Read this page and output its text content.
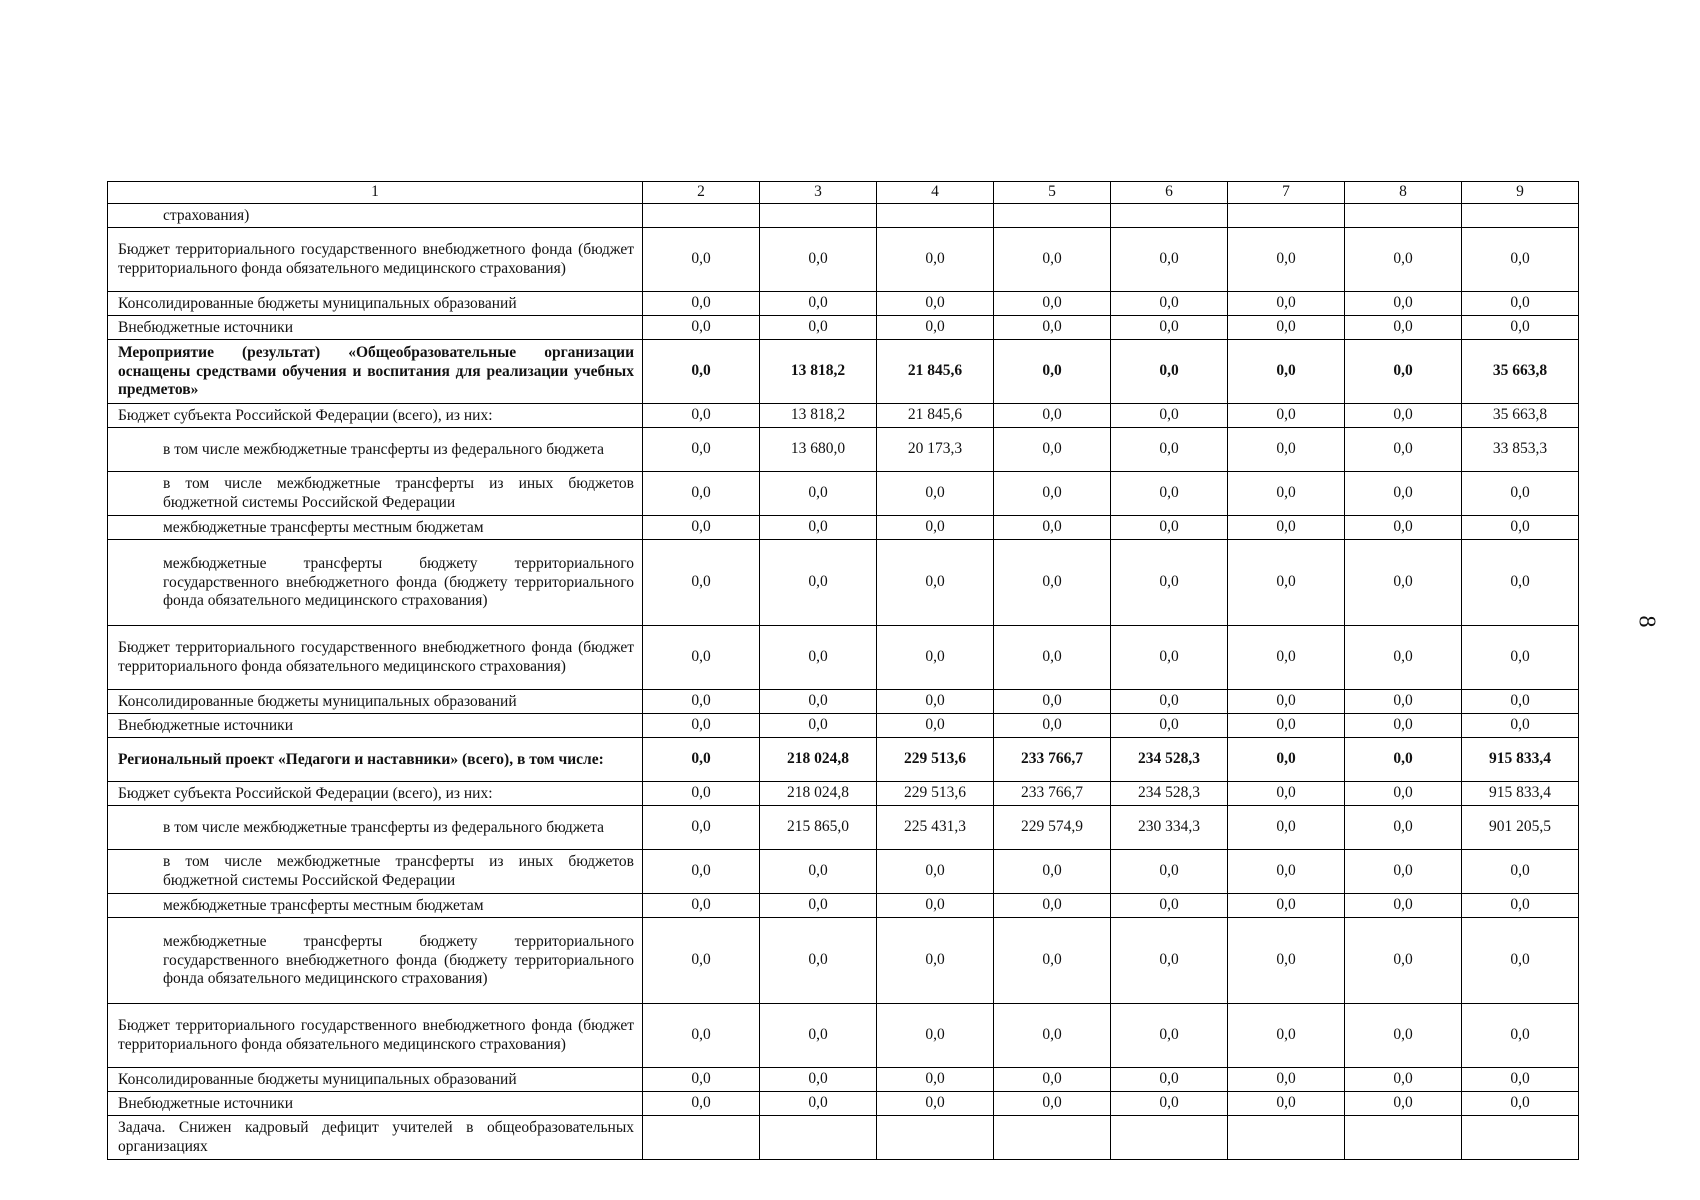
1	2	3	4	5	6	7	8	9
страхования)								
Бюджет территориального государственного внебюджетного фонда (бюджет территориального фонда обязательного медицинского страхования)	0,0	0,0	0,0	0,0	0,0	0,0	0,0	0,0
Консолидированные бюджеты муниципальных образований	0,0	0,0	0,0	0,0	0,0	0,0	0,0	0,0
Внебюджетные источники	0,0	0,0	0,0	0,0	0,0	0,0	0,0	0,0
Мероприятие (результат) «Общеобразовательные организации оснащены средствами обучения и воспитания для реализации учебных предметов»	0,0	13 818,2	21 845,6	0,0	0,0	0,0	0,0	35 663,8
Бюджет субъекта Российской Федерации (всего), из них:	0,0	13 818,2	21 845,6	0,0	0,0	0,0	0,0	35 663,8
в том числе межбюджетные трансферты из федерального бюджета	0,0	13 680,0	20 173,3	0,0	0,0	0,0	0,0	33 853,3
в том числе межбюджетные трансферты из иных бюджетов бюджетной системы Российской Федерации	0,0	0,0	0,0	0,0	0,0	0,0	0,0	0,0
межбюджетные трансферты местным бюджетам	0,0	0,0	0,0	0,0	0,0	0,0	0,0	0,0
межбюджетные трансферты бюджету территориального государственного внебюджетного фонда (бюджету территориального фонда обязательного медицинского страхования)	0,0	0,0	0,0	0,0	0,0	0,0	0,0	0,0
Бюджет территориального государственного внебюджетного фонда (бюджет территориального фонда обязательного медицинского страхования)	0,0	0,0	0,0	0,0	0,0	0,0	0,0	0,0
Консолидированные бюджеты муниципальных образований	0,0	0,0	0,0	0,0	0,0	0,0	0,0	0,0
Внебюджетные источники	0,0	0,0	0,0	0,0	0,0	0,0	0,0	0,0
Региональный проект «Педагоги и наставники» (всего), в том числе:	0,0	218 024,8	229 513,6	233 766,7	234 528,3	0,0	0,0	915 833,4
Бюджет субъекта Российской Федерации (всего), из них:	0,0	218 024,8	229 513,6	233 766,7	234 528,3	0,0	0,0	915 833,4
в том числе межбюджетные трансферты из федерального бюджета	0,0	215 865,0	225 431,3	229 574,9	230 334,3	0,0	0,0	901 205,5
в том числе межбюджетные трансферты из иных бюджетов бюджетной системы Российской Федерации	0,0	0,0	0,0	0,0	0,0	0,0	0,0	0,0
межбюджетные трансферты местным бюджетам	0,0	0,0	0,0	0,0	0,0	0,0	0,0	0,0
межбюджетные трансферты бюджету территориального государственного внебюджетного фонда (бюджету территориального фонда обязательного медицинского страхования)	0,0	0,0	0,0	0,0	0,0	0,0	0,0	0,0
Бюджет территориального государственного внебюджетного фонда (бюджет территориального фонда обязательного медицинского страхования)	0,0	0,0	0,0	0,0	0,0	0,0	0,0	0,0
Консолидированные бюджеты муниципальных образований	0,0	0,0	0,0	0,0	0,0	0,0	0,0	0,0
Внебюджетные источники	0,0	0,0	0,0	0,0	0,0	0,0	0,0	0,0
Задача. Снижен кадровый дефицит учителей в общеобразовательных организациях								
8
